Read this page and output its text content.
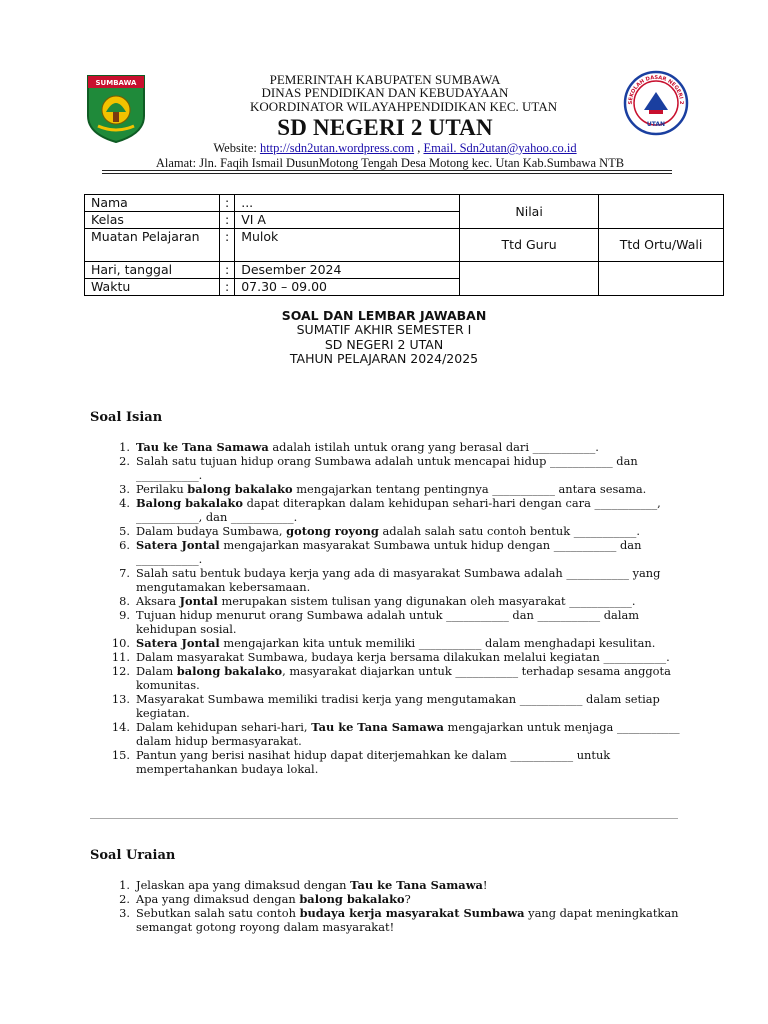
SUMBAWA	PEMERINTAH KABUPATEN SUMBAWA
DINAS PENDIDIKAN DAN KEBUDAYAAN
KOORDINATOR WILAYAHPENDIDIKAN KEC. UTAN
SD NEGERI 2 UTAN
Website: http://sdn2utan.wordpress.com , Email. Sdn2utan@yahoo.co.id
Alamat: Jln. Faqih Ismail DusunMotong Tengah Desa Motong kec. Utan Kab.Sumbawa NTB
SEKOLAH DASAR NEGERI 2
UTAN
Nama	:	...	Nilai	
Kelas	:	VI A		
Muatan Pelajaran	:	Mulok	Ttd Guru	Ttd Ortu/Wali
Hari, tanggal	:	Desember 2024		
Waktu	:	07.30 – 09.00		
SOAL DAN LEMBAR JAWABAN
SUMATIF AKHIR SEMESTER I
SD NEGERI 2 UTAN
TAHUN PELAJARAN 2024/2025
Soal Isian
1. Tau ke Tana Samawa adalah istilah untuk orang yang berasal dari ___________.
2. Salah satu tujuan hidup orang Sumbawa adalah untuk mencapai hidup ___________ dan ___________.
3. Perilaku balong bakalako mengajarkan tentang pentingnya ___________ antara sesama.
4. Balong bakalako dapat diterapkan dalam kehidupan sehari-hari dengan cara ___________, ___________, dan ___________.
5. Dalam budaya Sumbawa, gotong royong adalah salah satu contoh bentuk ___________.
6. Satera Jontal mengajarkan masyarakat Sumbawa untuk hidup dengan ___________ dan ___________.
7. Salah satu bentuk budaya kerja yang ada di masyarakat Sumbawa adalah ___________ yang mengutamakan kebersamaan.
8. Aksara Jontal merupakan sistem tulisan yang digunakan oleh masyarakat ___________.
9. Tujuan hidup menurut orang Sumbawa adalah untuk ___________ dan ___________ dalam kehidupan sosial.
10. Satera Jontal mengajarkan kita untuk memiliki ___________ dalam menghadapi kesulitan.
11. Dalam masyarakat Sumbawa, budaya kerja bersama dilakukan melalui kegiatan ___________.
12. Dalam balong bakalako, masyarakat diajarkan untuk ___________ terhadap sesama anggota komunitas.
13. Masyarakat Sumbawa memiliki tradisi kerja yang mengutamakan ___________ dalam setiap kegiatan.
14. Dalam kehidupan sehari-hari, Tau ke Tana Samawa mengajarkan untuk menjaga ___________ dalam hidup bermasyarakat.
15. Pantun yang berisi nasihat hidup dapat diterjemahkan ke dalam ___________ untuk mempertahankan budaya lokal.
Soal Uraian
1. Jelaskan apa yang dimaksud dengan Tau ke Tana Samawa!
2. Apa yang dimaksud dengan balong bakalako?
3. Sebutkan salah satu contoh budaya kerja masyarakat Sumbawa yang dapat meningkatkan semangat gotong royong dalam masyarakat!
